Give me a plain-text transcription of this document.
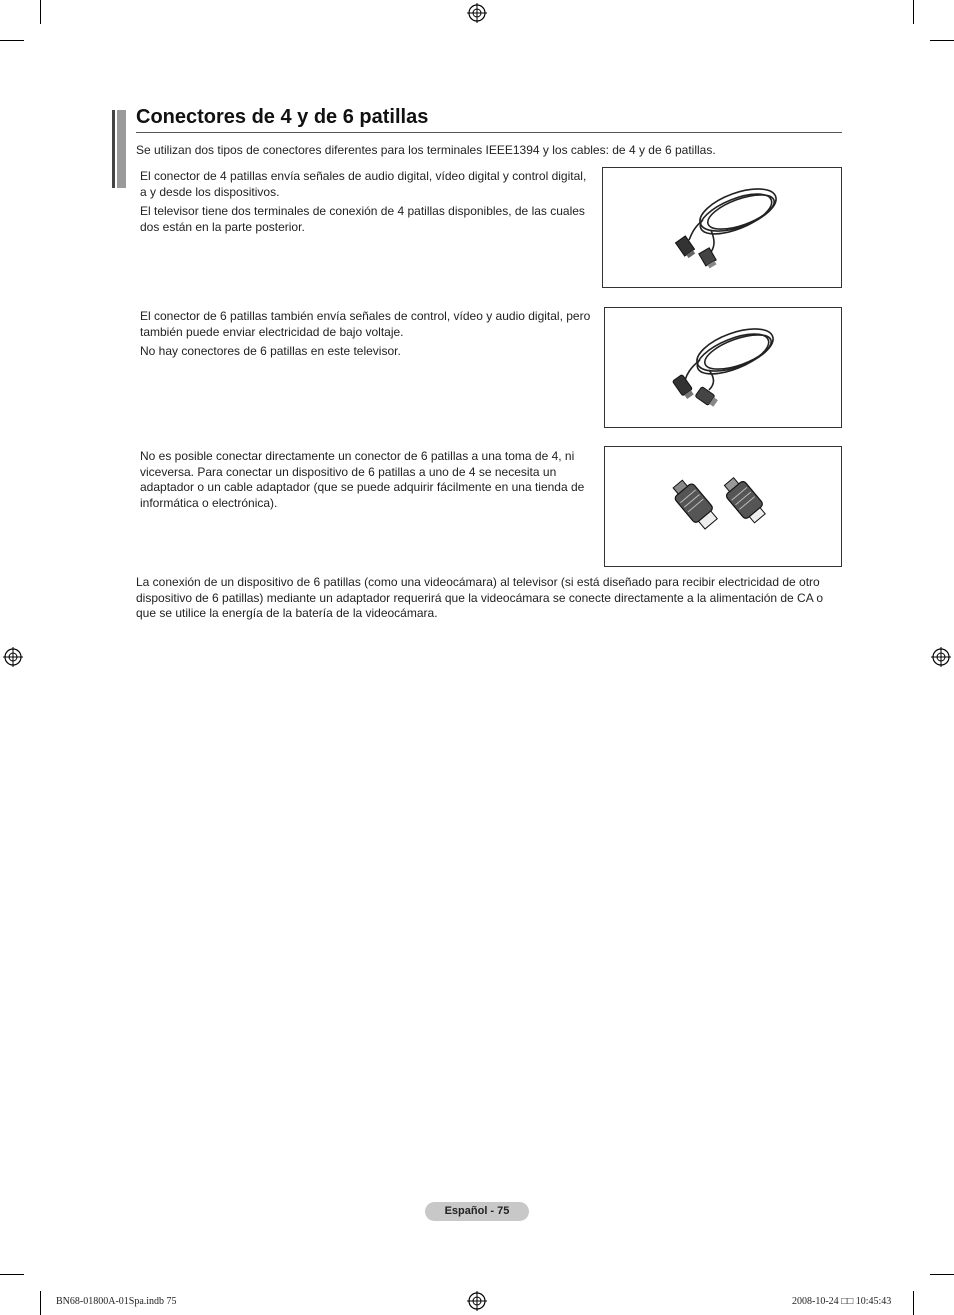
Conectores de 4 y de 6 patillas

Se utilizan dos tipos de conectores diferentes para los terminales IEEE1394 y los cables: de 4 y de 6 patillas.

El conector de 4 patillas envía señales de audio digital, vídeo digital y control digital, a y desde los dispositivos.

El televisor tiene dos terminales de conexión de 4 patillas disponibles, de las cuales dos están en la parte posterior.

El conector de 6 patillas también envía señales de control, vídeo y audio digital, pero también puede enviar electricidad de bajo voltaje.

No hay conectores de 6 patillas en este televisor.

No es posible conectar directamente un conector de 6 patillas a una toma de 4, ni viceversa. Para conectar un dispositivo de 6 patillas a uno de 4 se necesita un adaptador o un cable adaptador (que se puede adquirir fácilmente en una tienda de informática o electrónica).

La conexión de un dispositivo de 6 patillas (como una videocámara) al televisor (si está diseñado para recibir electricidad de otro dispositivo de 6 patillas) mediante un adaptador requerirá que la videocámara se conecte directamente a la alimentación de CA o que se utilice la energía de la batería de la videocámara.

Español - 75
BN68-01800A-01Spa.indb 75	2008-10-24 □□ 10:45:43
